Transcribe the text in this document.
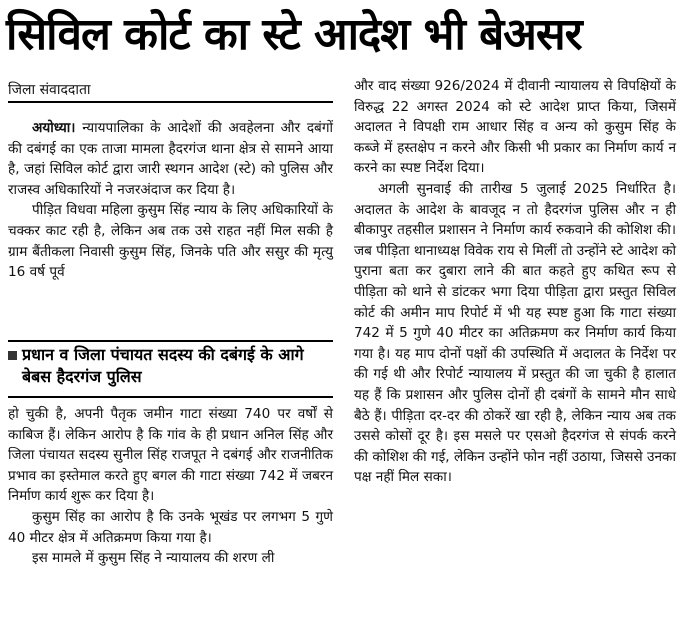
सिविल कोर्ट का स्टे आदेश भी बेअसर
जिला संवाददाता

अयोध्या। न्यायपालिका के आदेशों की अवहेलना और दबंगों की दबंगई का एक ताजा मामला हैदरगंज थाना क्षेत्र से सामने आया है, जहां सिविल कोर्ट द्वारा जारी स्थगन आदेश (स्टे) को पुलिस और राजस्व अधिकारियों ने नजरअंदाज कर दिया है।

पीड़ित विधवा महिला कुसुम सिंह न्याय के लिए अधिकारियों के चक्कर काट रही है, लेकिन अब तक उसे राहत नहीं मिल सकी है ग्राम बैंतीकला निवासी कुसुम सिंह, जिनके पति और ससुर की मृत्यु 16 वर्ष पूर्व

प्रधान व जिला पंचायत सदस्य की दबंगई के आगे बेबस हैदरगंज पुलिस

हो चुकी है, अपनी पैतृक जमीन गाटा संख्या 740 पर वर्षों से काबिज हैं। लेकिन आरोप है कि गांव के ही प्रधान अनिल सिंह और जिला पंचायत सदस्य सुनील सिंह राजपूत ने दबंगई और राजनीतिक प्रभाव का इस्तेमाल करते हुए बगल की गाटा संख्या 742 में जबरन निर्माण कार्य शुरू कर दिया है।

कुसुम सिंह का आरोप है कि उनके भूखंड पर लगभग 5 गुणे 40 मीटर क्षेत्र में अतिक्रमण किया गया है।

इस मामले में कुसुम सिंह ने न्यायालय की शरण ली

और वाद संख्या 926/2024 में दीवानी न्यायालय से विपक्षियों के विरुद्ध 22 अगस्त 2024 को स्टे आदेश प्राप्त किया, जिसमें अदालत ने विपक्षी राम आधार सिंह व अन्य को कुसुम सिंह के कब्जे में हस्तक्षेप न करने और किसी भी प्रकार का निर्माण कार्य न करने का स्पष्ट निर्देश दिया।

अगली सुनवाई की तारीख 5 जुलाई 2025 निर्धारित है। अदालत के आदेश के बावजूद न तो हैदरगंज पुलिस और न ही बीकापुर तहसील प्रशासन ने निर्माण कार्य रुकवाने की कोशिश की। जब पीड़िता थानाध्यक्ष विवेक राय से मिलीं तो उन्होंने स्टे आदेश को पुराना बता कर दुबारा लाने की बात कहते हुए कथित रूप से पीड़िता को थाने से डांटकर भगा दिया पीड़िता द्वारा प्रस्तुत सिविल कोर्ट की अमीन माप रिपोर्ट में भी यह स्पष्ट हुआ कि गाटा संख्या 742 में 5 गुणे 40 मीटर का अतिक्रमण कर निर्माण कार्य किया गया है। यह माप दोनों पक्षों की उपस्थिति में अदालत के निर्देश पर की गई थी और रिपोर्ट न्यायालय में प्रस्तुत की जा चुकी है हालात यह हैं कि प्रशासन और पुलिस दोनों ही दबंगों के सामने मौन साधे बैठे हैं। पीड़िता दर-दर की ठोकरें खा रही है, लेकिन न्याय अब तक उससे कोसों दूर है। इस मसले पर एसओ हैदरगंज से संपर्क करने की कोशिश की गई, लेकिन उन्होंने फोन नहीं उठाया, जिससे उनका पक्ष नहीं मिल सका।
